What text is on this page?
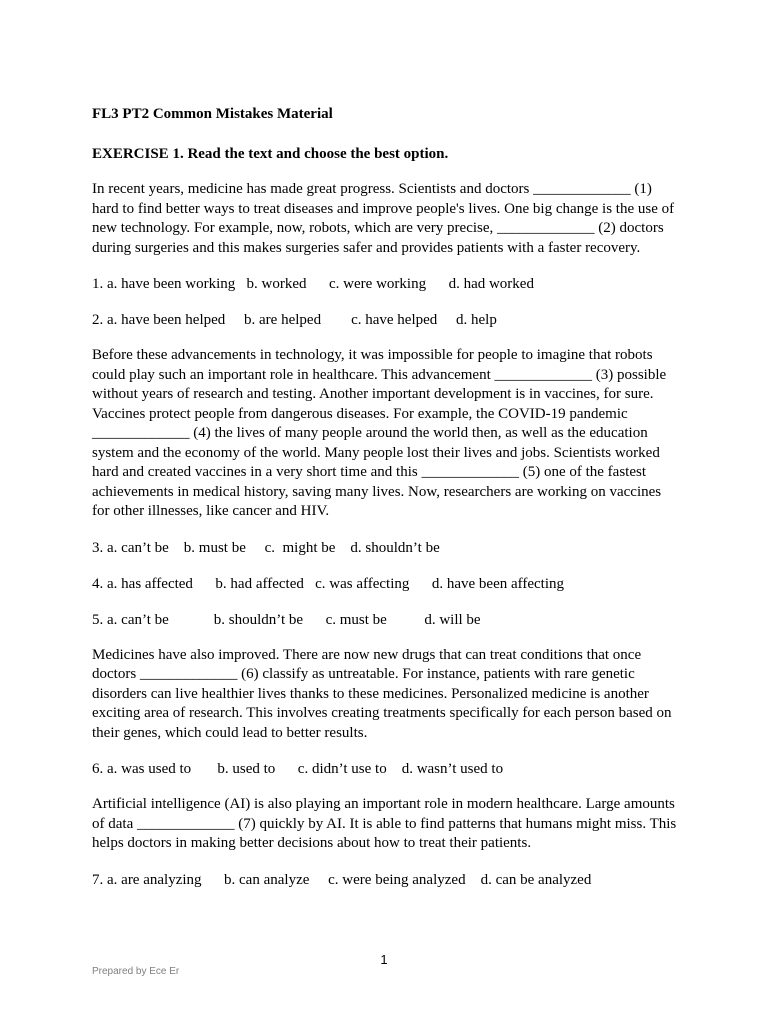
FL3 PT2 Common Mistakes Material

EXERCISE 1. Read the text and choose the best option.

In recent years, medicine has made great progress. Scientists and doctors _____________ (1) hard to find better ways to treat diseases and improve people's lives. One big change is the use of new technology. For example, now, robots, which are very precise, _____________ (2) doctors during surgeries and this makes surgeries safer and provides patients with a faster recovery.

1. a. have been working   b. worked      c. were working      d. had worked

2. a. have been helped     b. are helped        c. have helped     d. help

Before these advancements in technology, it was impossible for people to imagine that robots could play such an important role in healthcare. This advancement _____________ (3) possible without years of research and testing. Another important development is in vaccines, for sure. Vaccines protect people from dangerous diseases. For example, the COVID-19 pandemic _____________ (4) the lives of many people around the world then, as well as the education system and the economy of the world. Many people lost their lives and jobs. Scientists worked hard and created vaccines in a very short time and this _____________ (5) one of the fastest achievements in medical history, saving many lives. Now, researchers are working on vaccines for other illnesses, like cancer and HIV.

3. a. can’t be    b. must be     c.  might be    d. shouldn’t be

4. a. has affected      b. had affected   c. was affecting      d. have been affecting

5. a. can’t be            b. shouldn’t be      c. must be          d. will be

Medicines have also improved. There are now new drugs that can treat conditions that once doctors _____________ (6) classify as untreatable. For instance, patients with rare genetic disorders can live healthier lives thanks to these medicines. Personalized medicine is another exciting area of research. This involves creating treatments specifically for each person based on their genes, which could lead to better results.

6. a. was used to       b. used to      c. didn’t use to    d. wasn’t used to

Artificial intelligence (AI) is also playing an important role in modern healthcare. Large amounts of data _____________ (7) quickly by AI. It is able to find patterns that humans might miss. This helps doctors in making better decisions about how to treat their patients.

7. a. are analyzing      b. can analyze     c. were being analyzed    d. can be analyzed

1
Prepared by Ece Er
